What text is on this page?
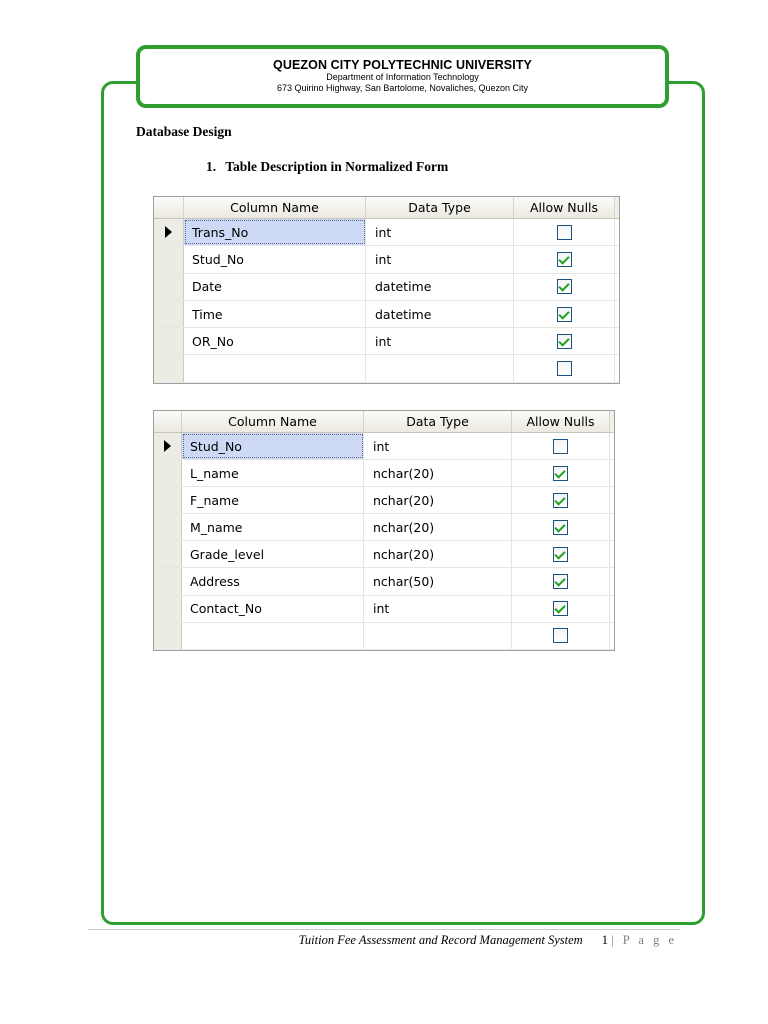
QUEZON CITY POLYTECHNIC UNIVERSITY
Department of Information Technology
673 Quirino Highway, San Bartolome, Novaliches, Quezon City
Database Design
1. Table Description in Normalized Form
Column Name	Data Type	Allow Nulls
Trans_No	int
Stud_No	int
Date	datetime
Time	datetime
OR_No	int
Column Name	Data Type	Allow Nulls
Stud_No	int
L_name	nchar(20)
F_name	nchar(20)
M_name	nchar(20)
Grade_level	nchar(20)
Address	nchar(50)
Contact_No	int
Tuition Fee Assessment and Record Management System 1 | P a g e
